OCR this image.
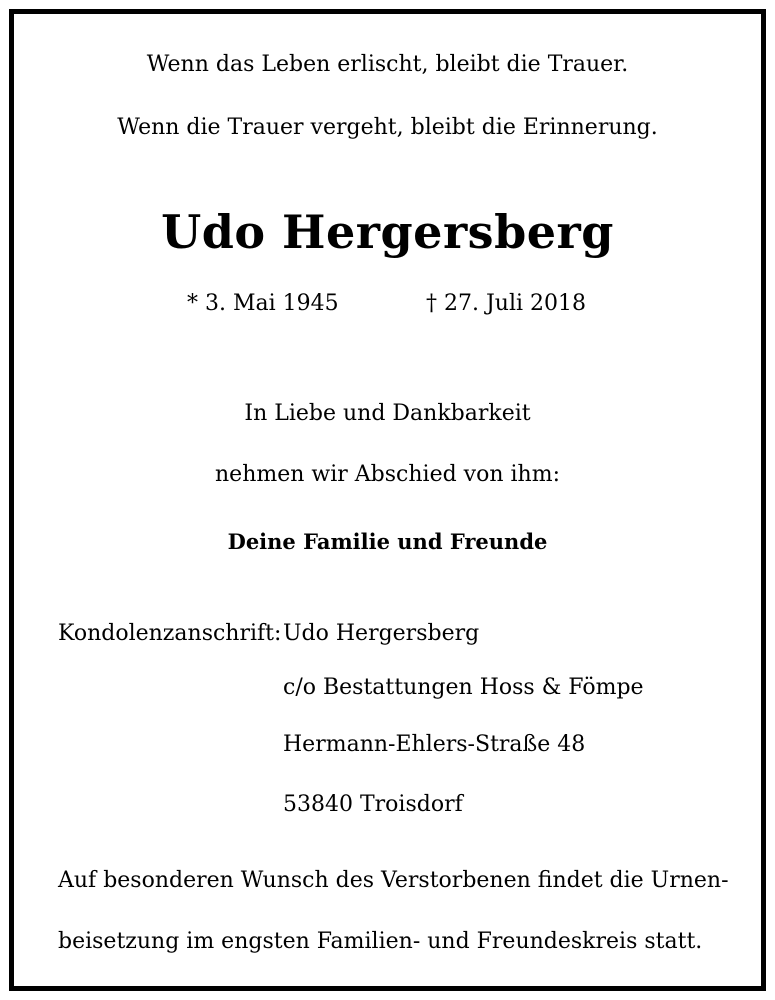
Wenn das Leben erlischt, bleibt die Trauer.
Wenn die Trauer vergeht, bleibt die Erinnerung.
Udo Hergersberg
* 3. Mai 1945	† 27. Juli 2018
In Liebe und Dankbarkeit
nehmen wir Abschied von ihm:
Deine Familie und Freunde
Kondolenzanschrift: Udo Hergersberg
c/o Bestattungen Hoss & Fömpe
Hermann-Ehlers-Straße 48
53840 Troisdorf
Auf besonderen Wunsch des Verstorbenen findet die Urnen-
beisetzung im engsten Familien- und Freundeskreis statt.
